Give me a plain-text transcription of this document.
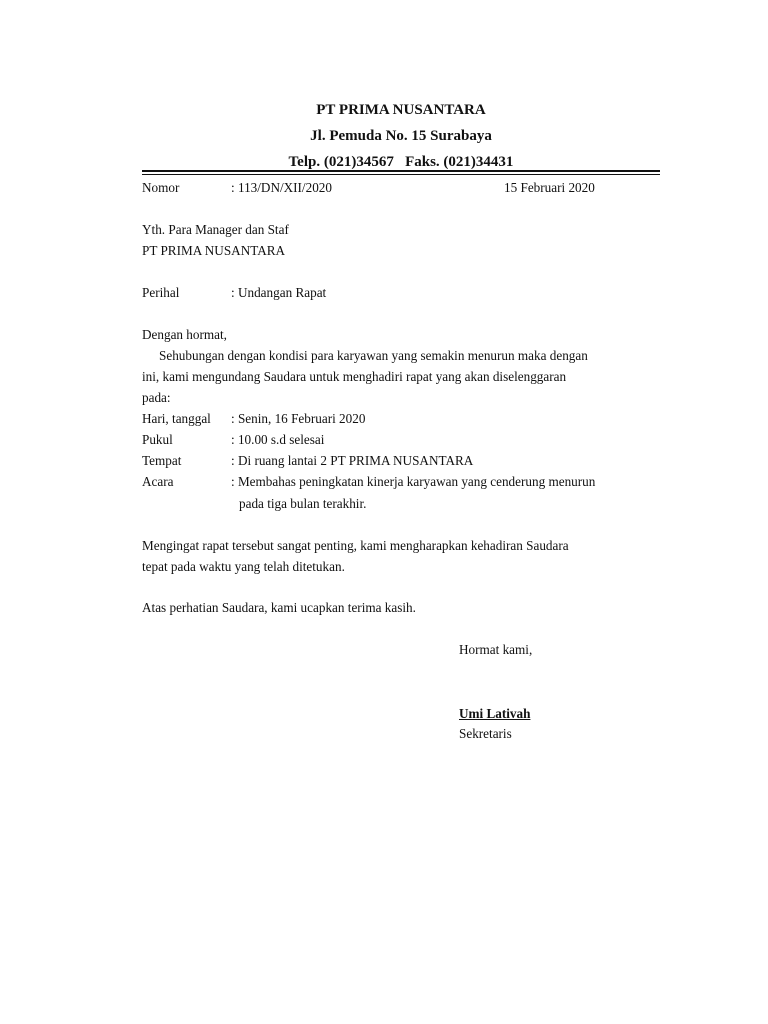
PT PRIMA NUSANTARA
Jl. Pemuda No. 15 Surabaya
Telp. (021)34567 Faks. (021)34431
Nomor	: 113/DN/XII/2020	15 Februari 2020
Yth. Para Manager dan Staf
PT PRIMA NUSANTARA
Perihal	: Undangan Rapat
Dengan hormat,
Sehubungan dengan kondisi para karyawan yang semakin menurun maka dengan
ini, kami mengundang Saudara untuk menghadiri rapat yang akan diselenggaran
pada:
Hari, tanggal : Senin, 16 Februari 2020
Pukul	: 10.00 s.d selesai
Tempat	: Di ruang lantai 2 PT PRIMA NUSANTARA
Acara	: Membahas peningkatan kinerja karyawan yang cenderung menurun
pada tiga bulan terakhir.
Mengingat rapat tersebut sangat penting, kami mengharapkan kehadiran Saudara
tepat pada waktu yang telah ditetukan.
Atas perhatian Saudara, kami ucapkan terima kasih.
Hormat kami,
Umi Lativah
Sekretaris
